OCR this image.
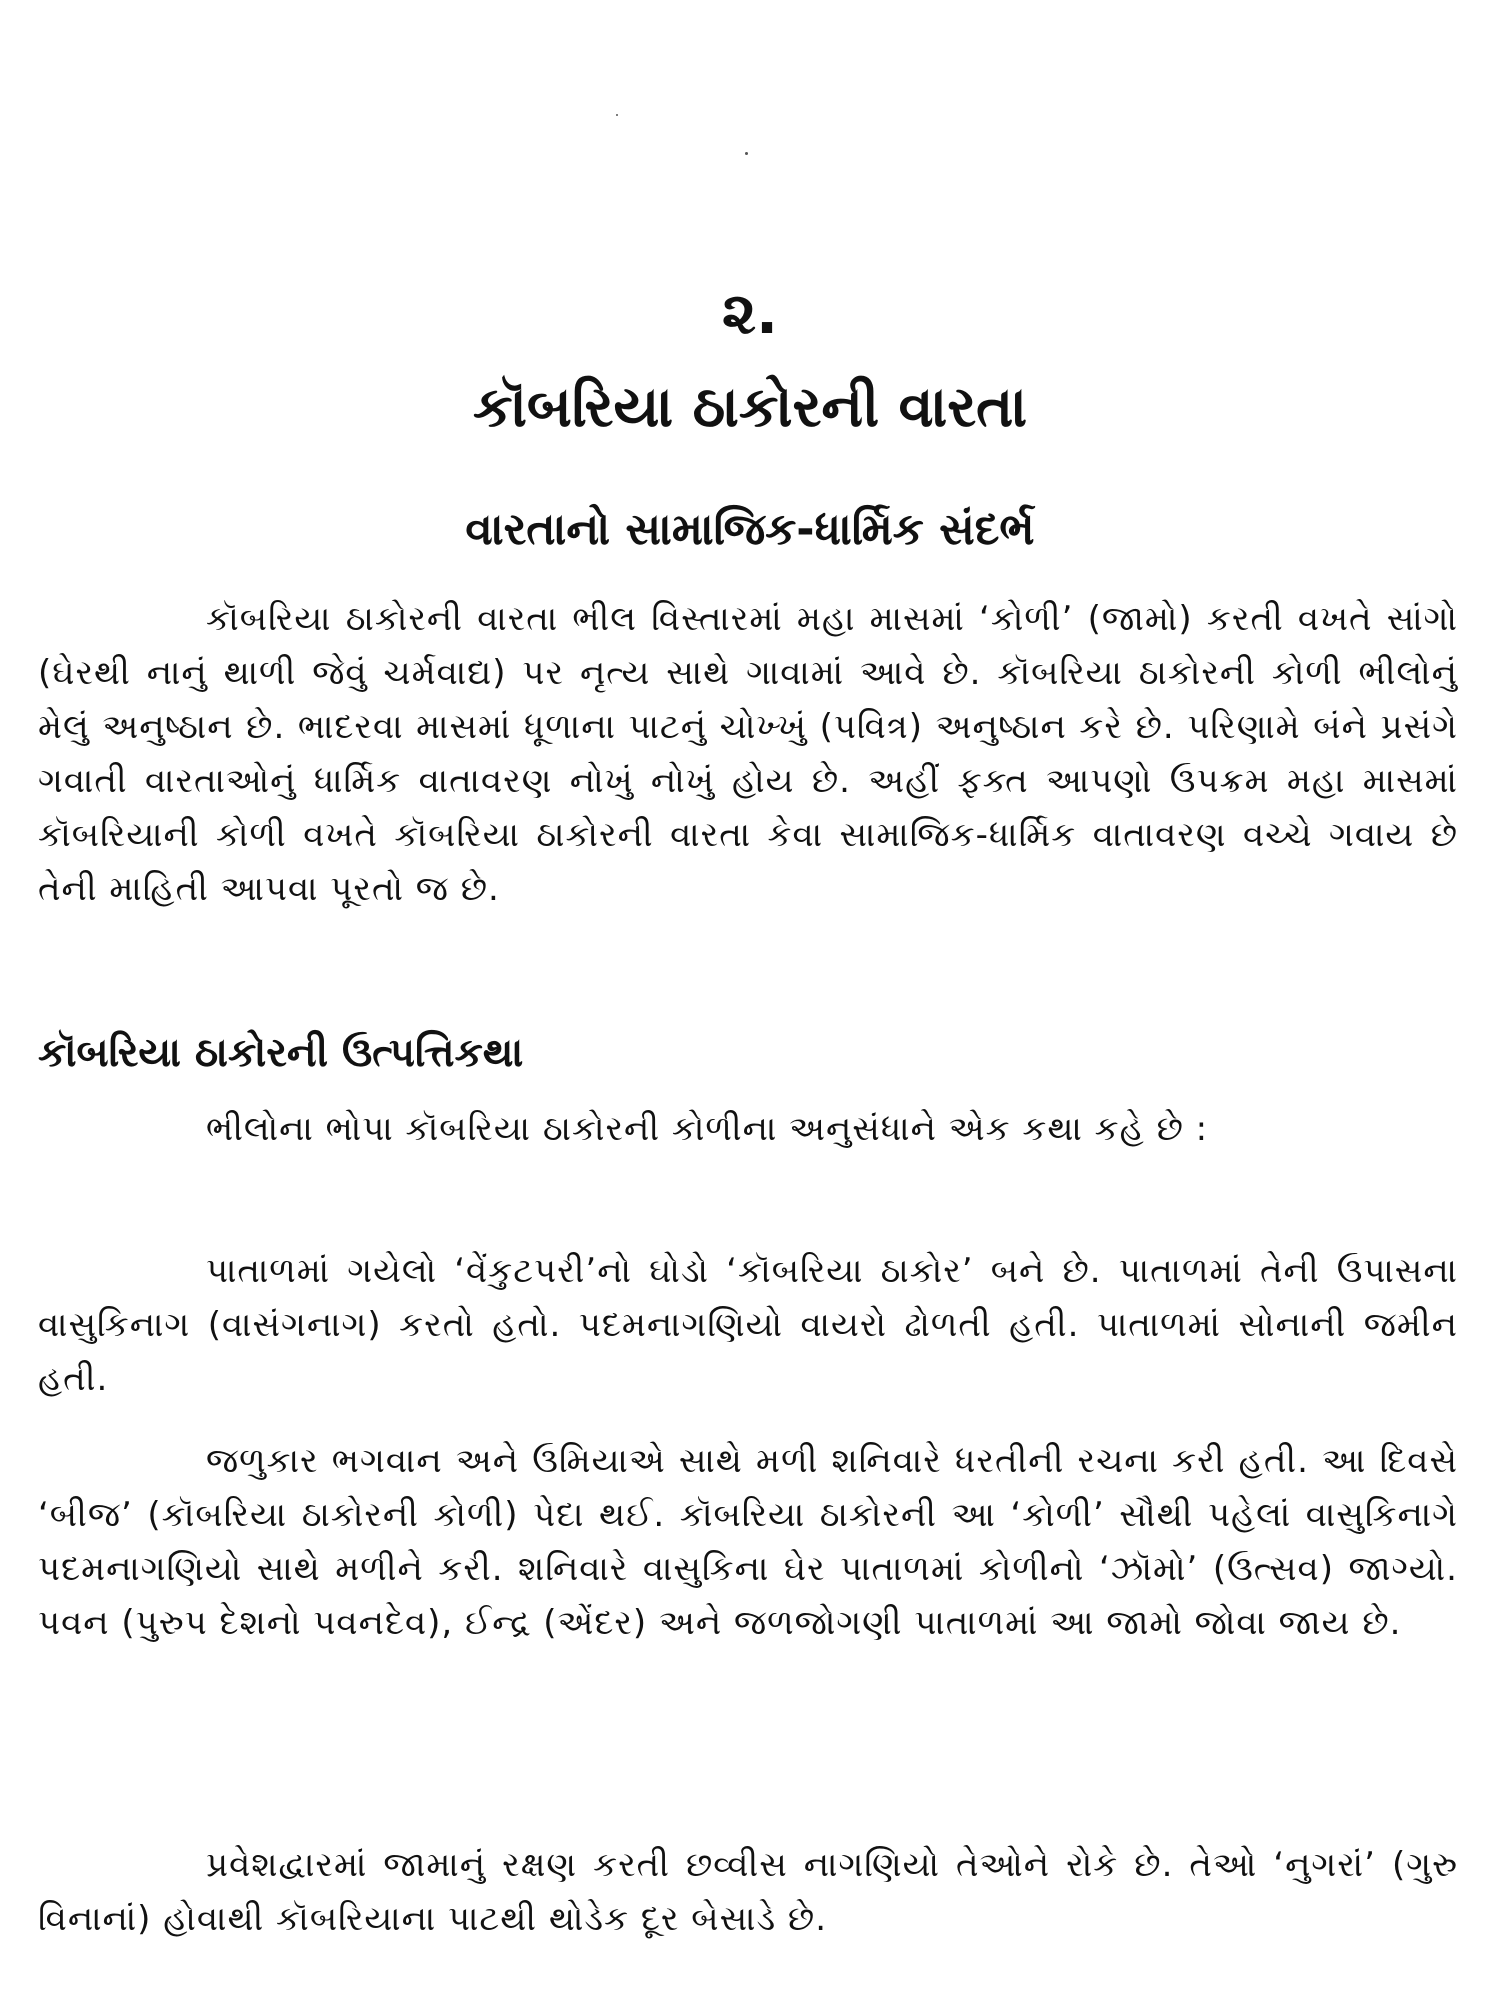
૨.
કૉબરિયા ઠાકોરની વારતા
વારતાનો સામાજિક-ધાર્મિક સંદર્ભ

કૉબરિયા ઠાકોરની વારતા ભીલ વિસ્તારમાં મહા માસમાં ‘કોળી’ (જામો) કરતી વખતે સાંગો (ઘેરથી નાનું થાળી જેવું ચર્મવાદ્ય) પર નૃત્ય સાથે ગાવામાં આવે છે. કૉબરિયા ઠાકોરની કોળી ભીલોનું મેલું અનુષ્ઠાન છે. ભાદરવા માસમાં ધૂળાના પાટનું ચોખ્ખું (પવિત્ર) અનુષ્ઠાન કરે છે. પરિણામે બંને પ્રસંગે ગવાતી વારતાઓનું ધાર્મિક વાતાવરણ નોખું નોખું હોય છે. અહીં ફક્ત આપણો ઉપક્રમ મહા માસમાં કૉબરિયાની કોળી વખતે કૉબરિયા ઠાકોરની વારતા કેવા સામાજિક-ધાર્મિક વાતાવરણ વચ્ચે ગવાય છે તેની માહિતી આપવા પૂરતો જ છે.

કૉબરિયા ઠાકોરની ઉત્પત્તિકથા

ભીલોના ભોપા કૉબરિયા ઠાકોરની કોળીના અનુસંધાને એક કથા કહે છે :

પાતાળમાં ગયેલો ‘વેંકુટપરી’નો ઘોડો ‘કૉબરિયા ઠાકોર’ બને છે. પાતાળમાં તેની ઉપાસના વાસુકિનાગ (વાસંગનાગ) કરતો હતો. પદમનાગણિયો વાયરો ઢોળતી હતી. પાતાળમાં સોનાની જમીન હતી.

જળુકાર ભગવાન અને ઉમિયાએ સાથે મળી શનિવારે ધરતીની રચના કરી હતી. આ દિવસે ‘બીજ’ (કૉબરિયા ઠાકોરની કોળી) પેદા થઈ. કૉબરિયા ઠાકોરની આ ‘કોળી’ સૌથી પહેલાં વાસુકિનાગે પદમનાગણિયો સાથે મળીને કરી. શનિવારે વાસુકિના ઘેર પાતાળમાં કોળીનો ‘ઝૉમો’ (ઉત્સવ) જાગ્યો. પવન (પુરુપ દેશનો પવનદેવ), ઈન્દ્ર (એંદર) અને જળજોગણી પાતાળમાં આ જામો જોવા જાય છે.

પ્રવેશદ્વારમાં જામાનું રક્ષણ કરતી છવ્વીસ નાગણિયો તેઓને રોકે છે. તેઓ ‘નુગરાં’ (ગુરુ વિનાનાં) હોવાથી કૉબરિયાના પાટથી થોડેક દૂર બેસાડે છે.
